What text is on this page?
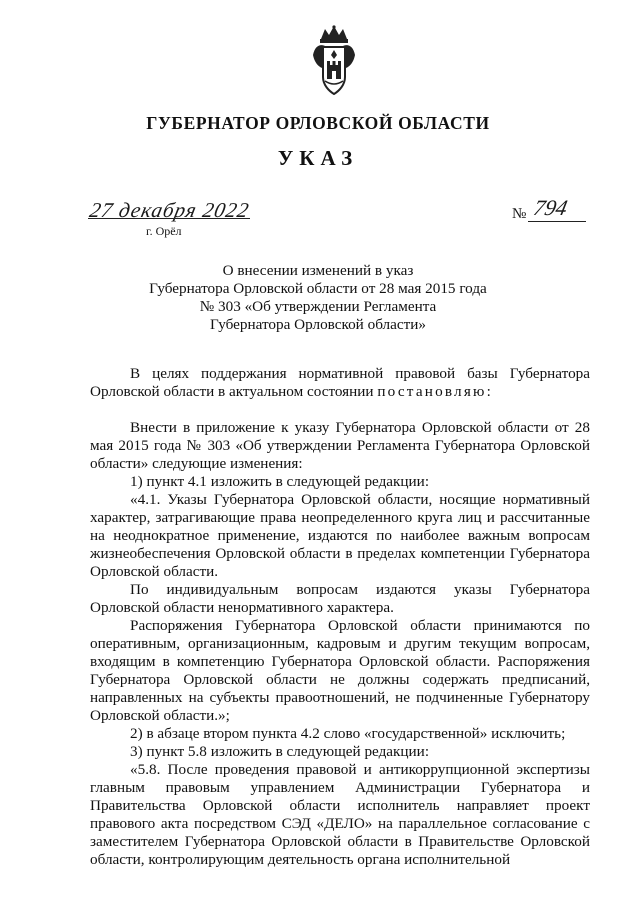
ГУБЕРНАТОР ОРЛОВСКОЙ ОБЛАСТИ
УКАЗ
27 декабря 2022
г. Орёл
№ 794
О внесении изменений в указ
Губернатора Орловской области от 28 мая 2015 года
№ 303 «Об утверждении Регламента
Губернатора Орловской области»

В целях поддержания нормативной правовой базы Губернатора Орловской области в актуальном состоянии постановляю:

Внести в приложение к указу Губернатора Орловской области от 28 мая 2015 года № 303 «Об утверждении Регламента Губернатора Орловской области» следующие изменения:

1) пункт 4.1 изложить в следующей редакции:

«4.1. Указы Губернатора Орловской области, носящие нормативный характер, затрагивающие права неопределенного круга лиц и рассчитанные на неоднократное применение, издаются по наиболее важным вопросам жизнеобеспечения Орловской области в пределах компетенции Губернатора Орловской области.

По индивидуальным вопросам издаются указы Губернатора Орловской области ненормативного характера.

Распоряжения Губернатора Орловской области принимаются по оперативным, организационным, кадровым и другим текущим вопросам, входящим в компетенцию Губернатора Орловской области. Распоряжения Губернатора Орловской области не должны содержать предписаний, направленных на субъекты правоотношений, не подчиненные Губернатору Орловской области.»;

2) в абзаце втором пункта 4.2 слово «государственной» исключить;

3) пункт 5.8 изложить в следующей редакции:

«5.8. После проведения правовой и антикоррупционной экспертизы главным правовым управлением Администрации Губернатора и Правительства Орловской области исполнитель направляет проект правового акта посредством СЭД «ДЕЛО» на параллельное согласование с заместителем Губернатора Орловской области в Правительстве Орловской области, контролирующим деятельность органа исполнительной
